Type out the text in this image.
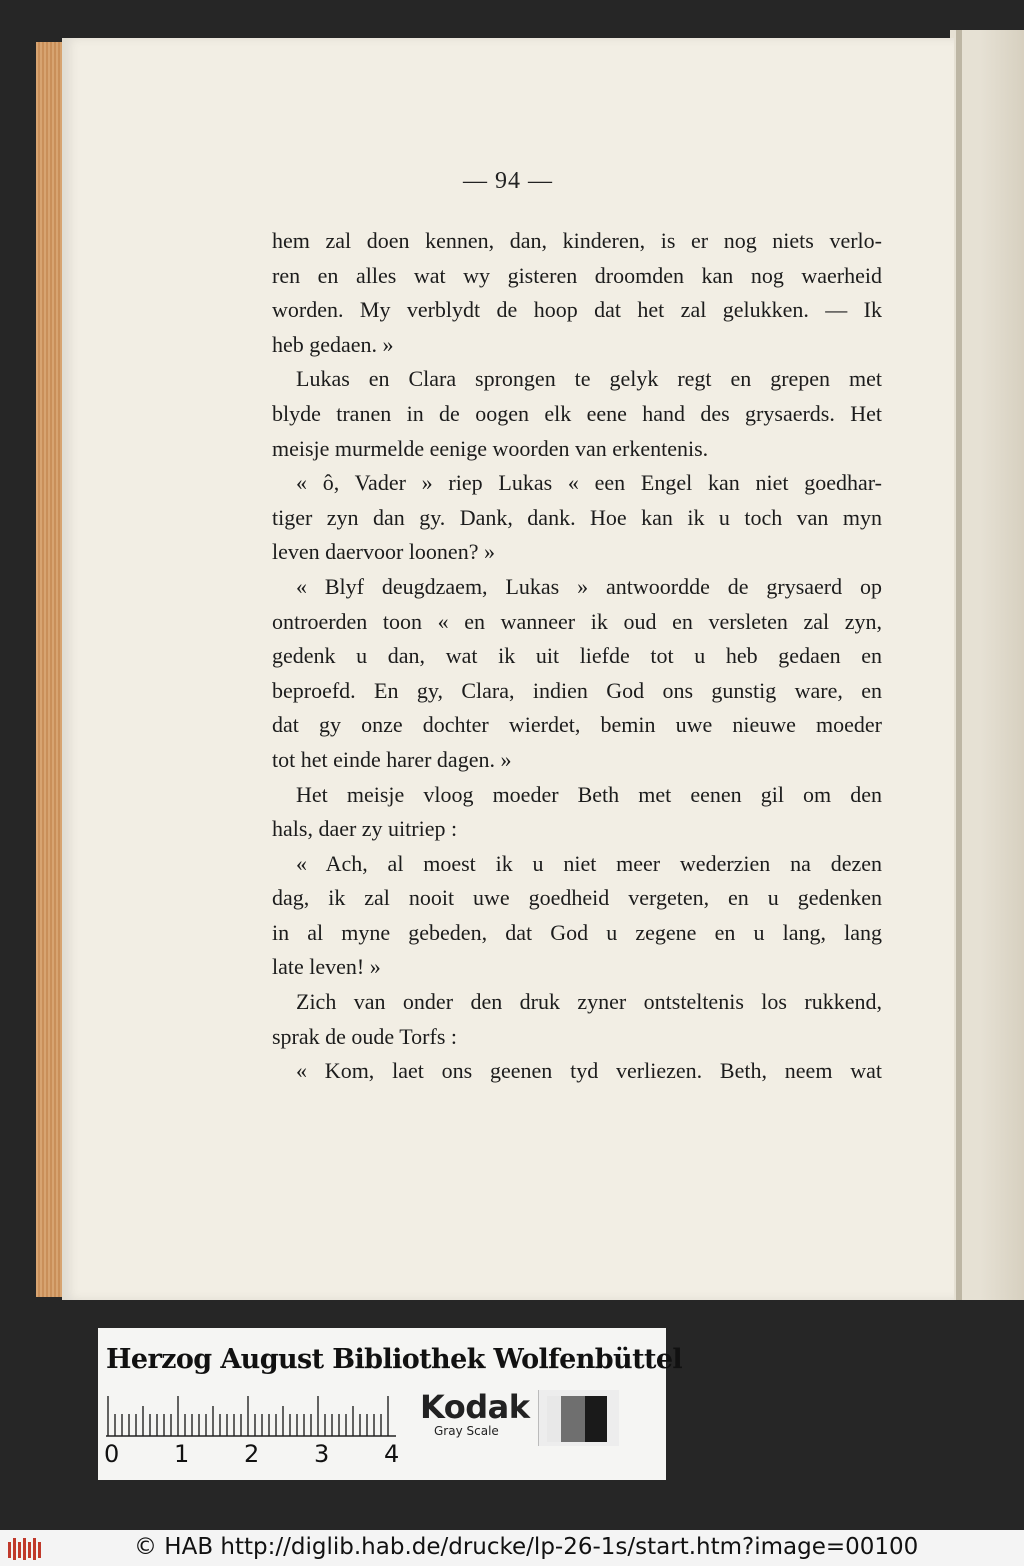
— 94 —
hem zal doen kennen, dan, kinderen, is er nog niets verlo-
ren en alles wat wy gisteren droomden kan nog waerheid
worden. My verblydt de hoop dat het zal gelukken. — Ik
heb gedaen. »
Lukas en Clara sprongen te gelyk regt en grepen met
blyde tranen in de oogen elk eene hand des grysaerds. Het
meisje murmelde eenige woorden van erkentenis.
« ô, Vader » riep Lukas « een Engel kan niet goedhar-
tiger zyn dan gy. Dank, dank. Hoe kan ik u toch van myn
leven daervoor loonen? »
« Blyf deugdzaem, Lukas » antwoordde de grysaerd op
ontroerden toon « en wanneer ik oud en versleten zal zyn,
gedenk u dan, wat ik uit liefde tot u heb gedaen en
beproefd. En gy, Clara, indien God ons gunstig ware, en
dat gy onze dochter wierdet, bemin uwe nieuwe moeder
tot het einde harer dagen. »
Het meisje vloog moeder Beth met eenen gil om den
hals, daer zy uitriep :
« Ach, al moest ik u niet meer wederzien na dezen
dag, ik zal nooit uwe goedheid vergeten, en u gedenken
in al myne gebeden, dat God u zegene en u lang, lang
late leven! »
Zich van onder den druk zyner ontsteltenis los rukkend,
sprak de oude Torfs :
« Kom, laet ons geenen tyd verliezen. Beth, neem wat
Herzog August Bibliothek Wolfenbüttel
0 1 2 3 4
Kodak
Gray Scale
© HAB http://diglib.hab.de/drucke/lp-26-1s/start.htm?image=00100
